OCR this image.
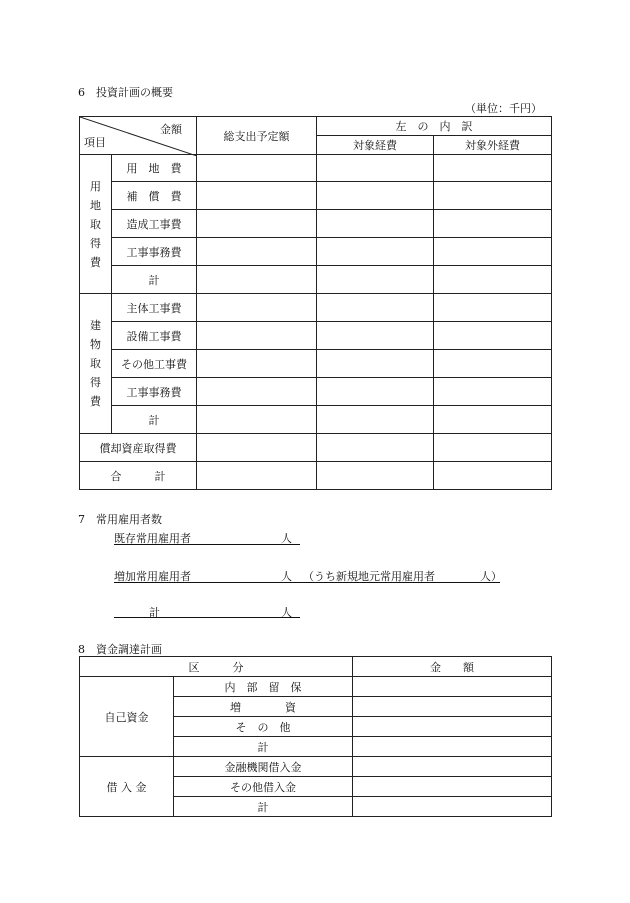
6　投資計画の概要
（単位：千円）
金額
項目		総支出予定額	左　の　内　訳	
			対象経費	対象外経費

用
地
取
得
費	用　地　費			
	補　償　費			
	造成工事費			
	工事事務費			
	計			

建
物
取
得
費	主体工事費			
	設備工事費			
	その他工事費			
	工事事務費			
	計			
償却資産取得費				
合　　　計				
7　常用雇用者数
既存常用雇用者	人
増加常用雇用者	人 （うち新規地元常用雇用者	人）
計	人
8　資金調達計画
区　　　分		金　　額
自己資金	内　部　留　保	
	増　　　　資	
	そ　の　他	
	計	
借 入 金	金融機関借入金	
	その他借入金	
	計	
